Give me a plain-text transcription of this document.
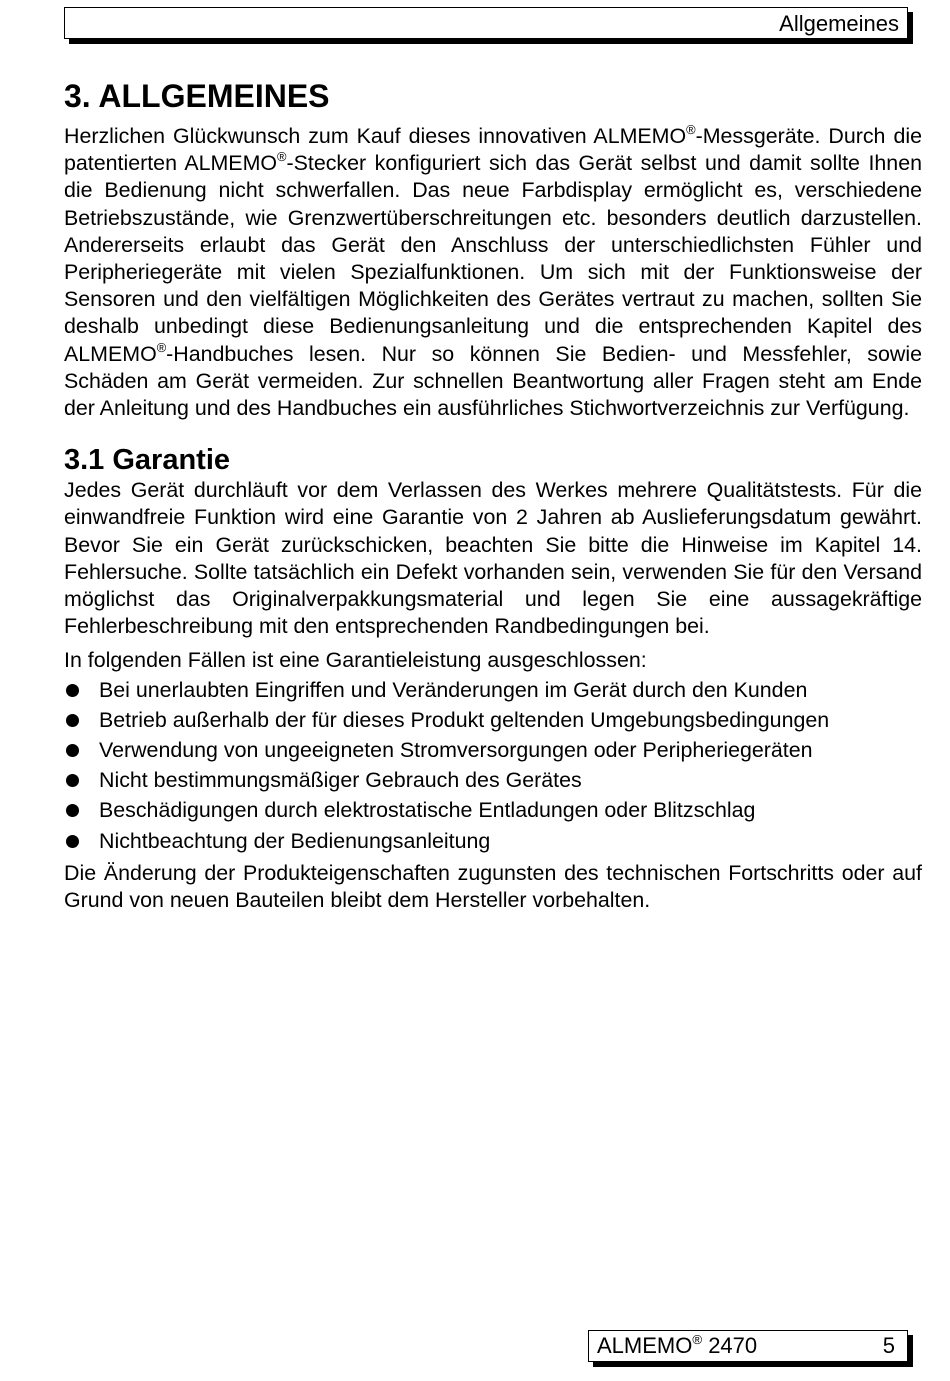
Allgemeines
3. ALLGEMEINES

Herzlichen Glückwunsch zum Kauf dieses innovativen ALMEMO®-Messgeräte. Durch die patentierten ALMEMO®-Stecker konfiguriert sich das Gerät selbst und damit sollte Ihnen die Bedienung nicht schwerfallen. Das neue Farbdisplay ermöglicht es, verschiedene Betriebszustände, wie Grenzwertüberschreitungen etc. besonders deutlich darzustellen. Andererseits erlaubt das Gerät den Anschluss der unterschiedlichsten Fühler und Peripheriegeräte mit vielen Spezialfunktionen. Um sich mit der Funktionsweise der Sensoren und den vielfältigen Möglichkeiten des Gerätes vertraut zu machen, sollten Sie deshalb unbedingt diese Bedienungsanleitung und die entsprechenden Kapitel des ALMEMO®-Handbuches lesen. Nur so können Sie Bedien- und Messfehler, sowie Schäden am Gerät vermeiden. Zur schnellen Beantwortung aller Fragen steht am Ende der Anleitung und des Handbuches ein ausführliches Stichwortverzeichnis zur Verfügung.

3.1 Garantie

Jedes Gerät durchläuft vor dem Verlassen des Werkes mehrere Qualitätstests. Für die einwandfreie Funktion wird eine Garantie von 2 Jahren ab Auslieferungsdatum gewährt. Bevor Sie ein Gerät zurückschicken, beachten Sie bitte die Hinweise im Kapitel 14. Fehlersuche. Sollte tatsächlich ein Defekt vorhanden sein, verwenden Sie für den Versand möglichst das Originalverpakkungsmaterial und legen Sie eine aussagekräftige Fehlerbeschreibung mit den entsprechenden Randbedingungen bei.

In folgenden Fällen ist eine Garantieleistung ausgeschlossen:

Bei unerlaubten Eingriffen und Veränderungen im Gerät durch den Kunden
Betrieb außerhalb der für dieses Produkt geltenden Umgebungsbedingungen
Verwendung von ungeeigneten Stromversorgungen oder Peripheriegeräten
Nicht bestimmungsmäßiger Gebrauch des Gerätes
Beschädigungen durch elektrostatische Entladungen oder Blitzschlag
Nichtbeachtung der Bedienungsanleitung

Die Änderung der Produkteigenschaften zugunsten des technischen Fortschritts oder auf Grund von neuen Bauteilen bleibt dem Hersteller vorbehalten.

ALMEMO® 2470	5
